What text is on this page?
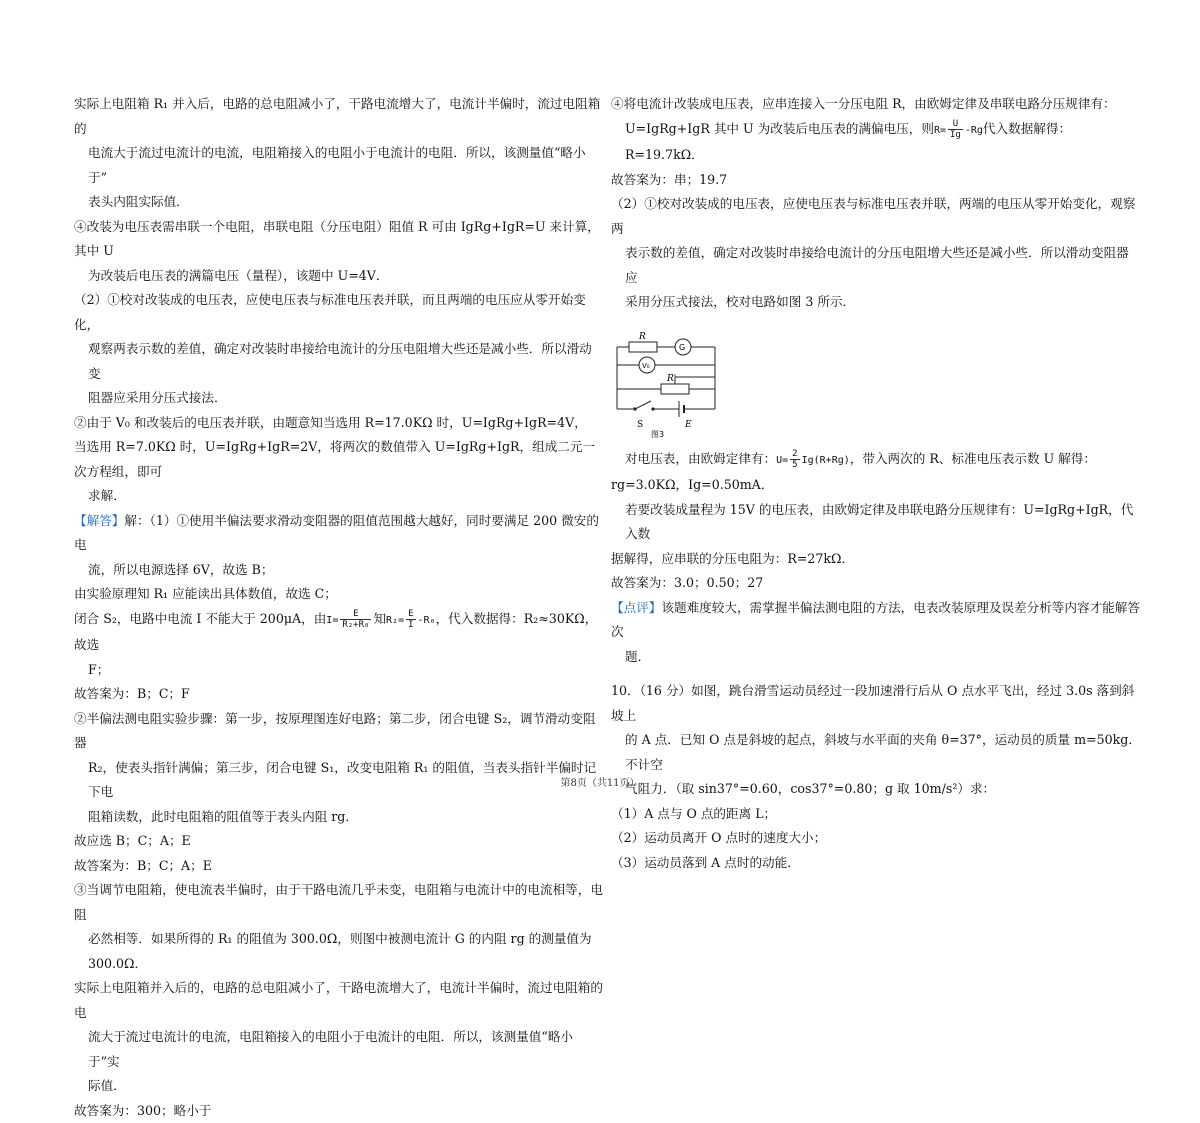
实际上电阻箱 R₁ 并入后，电路的总电阻减小了，干路电流增大了，电流计半偏时，流过电阻箱的

电流大于流过电流计的电流，电阻箱接入的电阻小于电流计的电阻．所以，该测量值“略小于”

表头内阻实际值．

④改装为电压表需串联一个电阻，串联电阻（分压电阻）阻值 R 可由 IgRg+IgR=U 来计算，其中 U

为改装后电压表的满篇电压（量程），该题中 U=4V．

（2）①校对改装成的电压表，应使电压表与标准电压表并联，而且两端的电压应从零开始变化，

观察两表示数的差值，确定对改装时串接给电流计的分压电阻增大些还是减小些．所以滑动变

阻器应采用分压式接法．

②由于 V₀ 和改装后的电压表并联，由题意知当选用 R=17.0KΩ 时，U=IgRg+IgR=4V，

当选用 R=7.0KΩ 时，U=IgRg+IgR=2V，将两次的数值带入 U=IgRg+IgR，组成二元一次方程组，即可

求解．

【解答】解：（1）①使用半偏法要求滑动变阻器的阻值范围越大越好，同时要满足 200 微安的电

流，所以电源选择 6V，故选 B；

由实验原理知 R₁ 应能读出具体数值，故选 C；

闭合 S₂，电路中电流 I 不能大于 200μA，由$I= \frac{E}{\text{R₂+R₀}}$ 知$R_2= \frac{E}{I} -R_0$，代入数据得：R₂≈30KΩ，故选

F；

故答案为：B；C；F

②半偏法测电阻实验步骤：第一步，按原理图连好电路；第二步，闭合电键 S₂，调节滑动变阻器

R₂，使表头指针满偏；第三步，闭合电键 S₁，改变电阻箱 R₁ 的阻值，当表头指针半偏时记下电

阻箱读数，此时电阻箱的阻值等于表头内阻 rg．

故应选 B；C；A；E

故答案为：B；C；A；E

③当调节电阻箱，使电流表半偏时，由于干路电流几乎未变，电阻箱与电流计中的电流相等，电阻

必然相等．如果所得的 R₁ 的阻值为 300.0Ω，则图中被测电流计 G 的内阻 rg 的测量值为 300.0Ω．

实际上电阻箱并入后的，电路的总电阻减小了，干路电流增大了，电流计半偏时，流过电阻箱的电

流大于流过电流计的电流，电阻箱接入的电阻小于电流计的电阻．所以，该测量值“略小于”实

际值．

故答案为：300；略小于

④将电流计改装成电压表，应串连接入一分压电阻 R，由欧姆定律及串联电路分压规律有：

U=IgRg+IgR 其中 U 为改装后电压表的满偏电压，则$R= \frac{U}{Ig} -Rg$代入数据解得：R=19.7kΩ．

故答案为：串；19.7

（2）①校对改装成的电压表，应使电压表与标准电压表并联，两端的电压从零开始变化，观察两

表示数的差值，确定对改装时串接给电流计的分压电阻增大些还是减小些．所以滑动变阻器应

采用分压式接法，校对电路如图 3 所示．

R
G
V₀
R'
S	E
图3

对电压表，由欧姆定律有：$U= \frac{2}{5} Ig(R+Rg)$，带入两次的 R、标准电压表示数 U 解得：

rg=3.0KΩ，Ig=0.50mA．

若要改装成量程为 15V 的电压表，由欧姆定律及串联电路分压规律有：U=IgRg+IgR，代入数

据解得，应串联的分压电阻为：R=27kΩ．

故答案为：3.0；0.50；27

【点评】该题难度较大，需掌握半偏法测电阻的方法，电表改装原理及误差分析等内容才能解答次

题．

10．（16 分）如图，跳台滑雪运动员经过一段加速滑行后从 O 点水平飞出，经过 3.0s 落到斜坡上

的 A 点．已知 O 点是斜坡的起点，斜坡与水平面的夹角 θ=37°，运动员的质量 m=50kg．不计空

气阻力．（取 sin37°=0.60，cos37°=0.80；g 取 10m/s²）求：

（1）A 点与 O 点的距离 L；

（2）运动员离开 O 点时的速度大小；

（3）运动员落到 A 点时的动能．

第8页（共11页）
